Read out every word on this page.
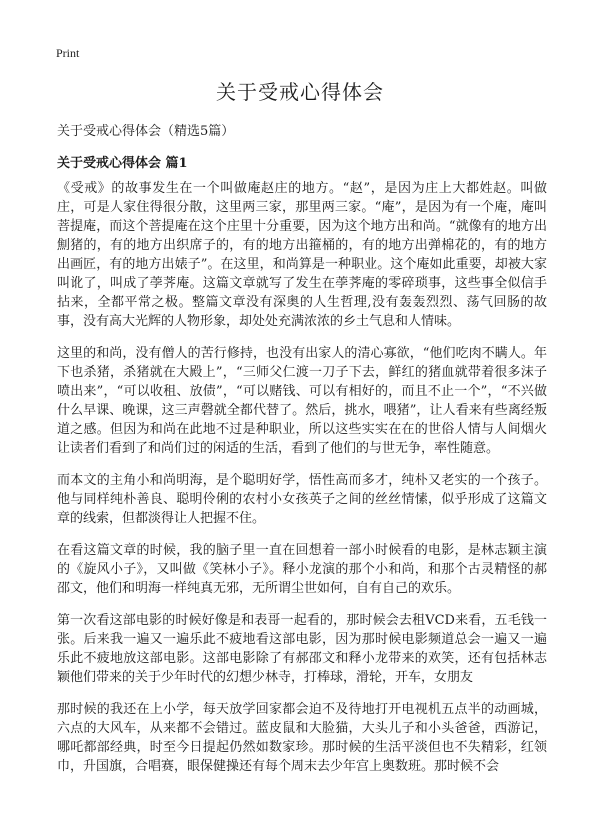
Print
关于受戒心得体会

关于受戒心得体会（精选5篇）

关于受戒心得体会 篇1

《受戒》的故事发生在一个叫做庵赵庄的地方。“赵”，是因为庄上大都姓赵。叫做庄，可是人家住得很分散，这里两三家，那里两三家。“庵”，是因为有一个庵，庵叫菩提庵，而这个菩提庵在这个庄里十分重要，因为这个地方出和尚。“就像有的地方出劁猪的，有的地方出织席子的，有的地方出箍桶的，有的地方出弹棉花的，有的地方出画匠，有的地方出婊子”。在这里，和尚算是一种职业。这个庵如此重要，却被大家叫讹了，叫成了荸荠庵。这篇文章就写了发生在荸荠庵的零碎琐事，这些事全似信手拈来，全都平常之极。整篇文章没有深奥的人生哲理,没有轰轰烈烈、荡气回肠的故事，没有高大光辉的人物形象，却处处充满浓浓的乡土气息和人情味。

这里的和尚，没有僧人的苦行修持，也没有出家人的清心寡欲，“他们吃肉不瞒人。年下也杀猪，杀猪就在大殿上”，“三师父仁渡一刀子下去，鲜红的猪血就带着很多沫子喷出来”，“可以收租、放债”，“可以赌钱、可以有相好的，而且不止一个”，“不兴做什么早课、晚课，这三声磬就全都代替了。然后，挑水，喂猪”，让人看来有些离经叛道之感。但因为和尚在此地不过是种职业，所以这些实实在在的世俗人情与人间烟火让读者们看到了和尚们过的闲适的生活，看到了他们的与世无争，率性随意。

而本文的主角小和尚明海，是个聪明好学，悟性高而多才，纯朴又老实的一个孩子。他与同样纯朴善良、聪明伶俐的农村小女孩英子之间的丝丝情愫，似乎形成了这篇文章的线索，但都淡得让人把握不住。

在看这篇文章的时候，我的脑子里一直在回想着一部小时候看的电影，是林志颖主演的《旋风小子》，又叫做《笑林小子》。释小龙演的那个小和尚，和那个古灵精怪的郝邵文，他们和明海一样纯真无邪，无所谓尘世如何，自有自己的欢乐。

第一次看这部电影的时候好像是和表哥一起看的，那时候会去租VCD来看，五毛钱一张。后来我一遍又一遍乐此不疲地看这部电影，因为那时候电影频道总会一遍又一遍乐此不疲地放这部电影。这部电影除了有郝邵文和释小龙带来的欢笑，还有包括林志颖他们带来的关于少年时代的幻想少林寺，打棒球，滑轮，开车，女朋友

那时候的我还在上小学，每天放学回家都会迫不及待地打开电视机五点半的动画城，六点的大风车，从来都不会错过。蓝皮鼠和大脸猫，大头儿子和小头爸爸，西游记，哪吒都部经典，时至今日提起仍然如数家珍。那时候的生活平淡但也不失精彩，红领巾，升国旗，合唱赛，眼保健操还有每个周末去少年宫上奥数班。那时候不会
